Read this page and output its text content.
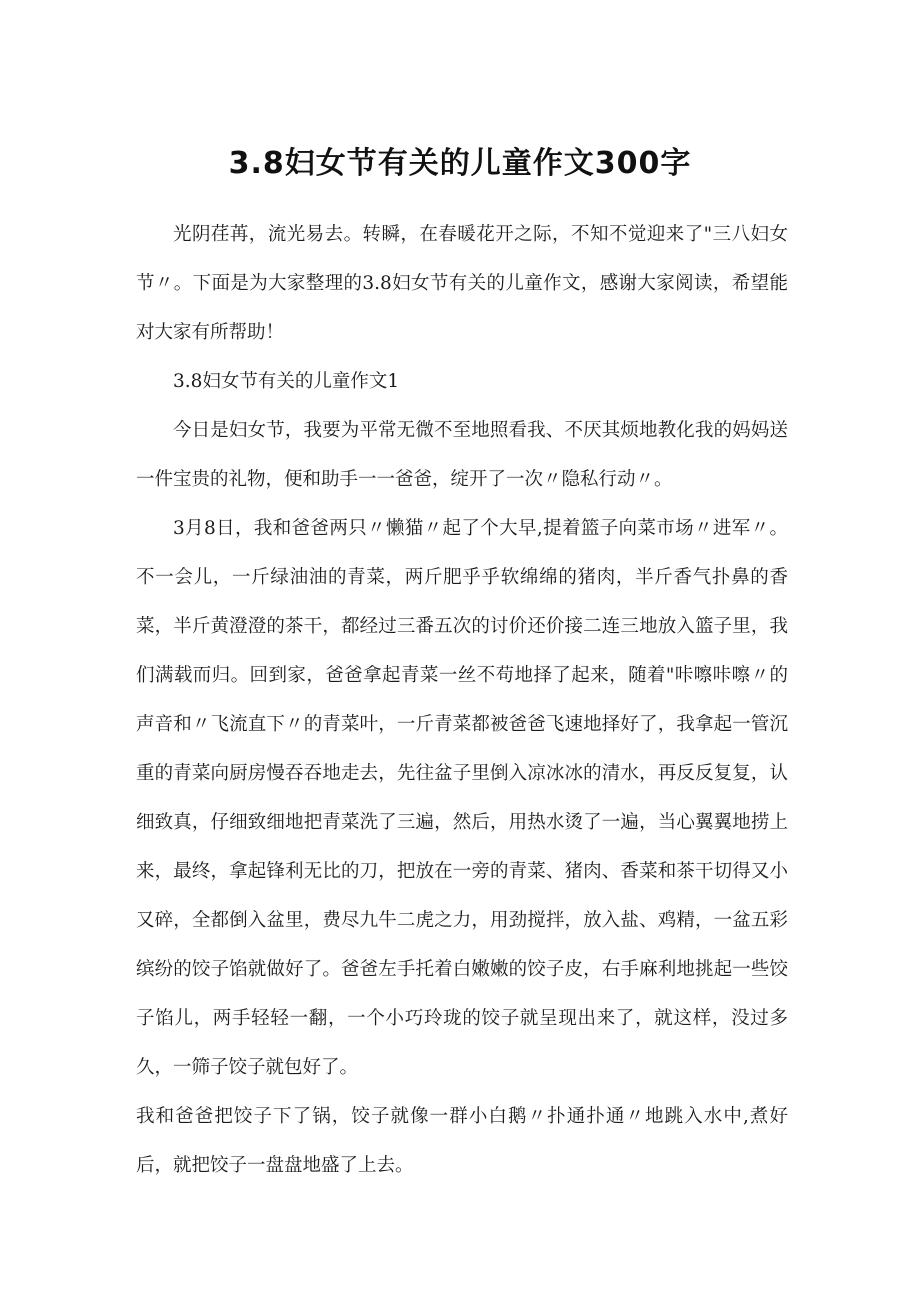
3.8妇女节有关的儿童作文300字

光阴荏苒，流光易去。转瞬，在春暖花开之际，不知不觉迎来了"三八妇女节〃。下面是为大家整理的3.8妇女节有关的儿童作文，感谢大家阅读，希望能对大家有所帮助！

3.8妇女节有关的儿童作文1

今日是妇女节，我要为平常无微不至地照看我、不厌其烦地教化我的妈妈送一件宝贵的礼物，便和助手一一爸爸，绽开了一次〃隐私行动〃。

3月8日，我和爸爸两只〃懒猫〃起了个大早,提着篮子向菜市场〃进军〃。不一会儿，一斤绿油油的青菜，两斤肥乎乎软绵绵的猪肉，半斤香气扑鼻的香菜，半斤黄澄澄的茶干，都经过三番五次的讨价还价接二连三地放入篮子里，我们满载而归。回到家，爸爸拿起青菜一丝不苟地择了起来，随着"咔嚓咔嚓〃的声音和〃飞流直下〃的青菜叶，一斤青菜都被爸爸飞速地择好了，我拿起一管沉重的青菜向厨房慢吞吞地走去，先往盆子里倒入凉冰冰的清水，再反反复复，认细致真，仔细致细地把青菜洗了三遍，然后，用热水烫了一遍，当心翼翼地捞上来，最终，拿起锋利无比的刀，把放在一旁的青菜、猪肉、香菜和茶干切得又小又碎，全都倒入盆里，费尽九牛二虎之力，用劲搅拌，放入盐、鸡精，一盆五彩缤纷的饺子馅就做好了。爸爸左手托着白嫩嫩的饺子皮，右手麻利地挑起一些饺子馅儿，两手轻轻一翻，一个小巧玲珑的饺子就呈现出来了，就这样，没过多久，一筛子饺子就包好了。

我和爸爸把饺子下了锅，饺子就像一群小白鹅〃扑通扑通〃地跳入水中,煮好后，就把饺子一盘盘地盛了上去。
